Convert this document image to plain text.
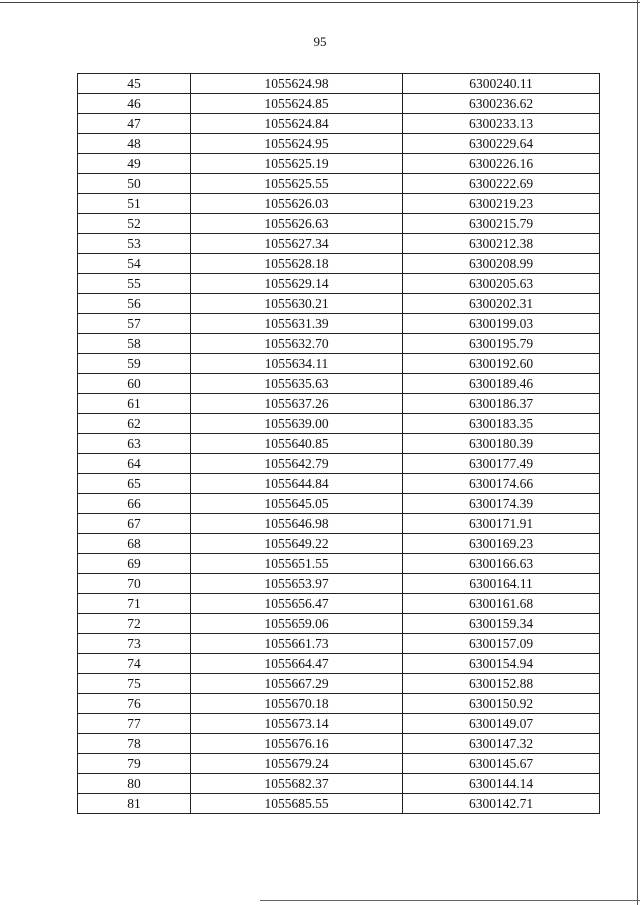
95
45	1055624.98	6300240.11
46	1055624.85	6300236.62
47	1055624.84	6300233.13
48	1055624.95	6300229.64
49	1055625.19	6300226.16
50	1055625.55	6300222.69
51	1055626.03	6300219.23
52	1055626.63	6300215.79
53	1055627.34	6300212.38
54	1055628.18	6300208.99
55	1055629.14	6300205.63
56	1055630.21	6300202.31
57	1055631.39	6300199.03
58	1055632.70	6300195.79
59	1055634.11	6300192.60
60	1055635.63	6300189.46
61	1055637.26	6300186.37
62	1055639.00	6300183.35
63	1055640.85	6300180.39
64	1055642.79	6300177.49
65	1055644.84	6300174.66
66	1055645.05	6300174.39
67	1055646.98	6300171.91
68	1055649.22	6300169.23
69	1055651.55	6300166.63
70	1055653.97	6300164.11
71	1055656.47	6300161.68
72	1055659.06	6300159.34
73	1055661.73	6300157.09
74	1055664.47	6300154.94
75	1055667.29	6300152.88
76	1055670.18	6300150.92
77	1055673.14	6300149.07
78	1055676.16	6300147.32
79	1055679.24	6300145.67
80	1055682.37	6300144.14
81	1055685.55	6300142.71
